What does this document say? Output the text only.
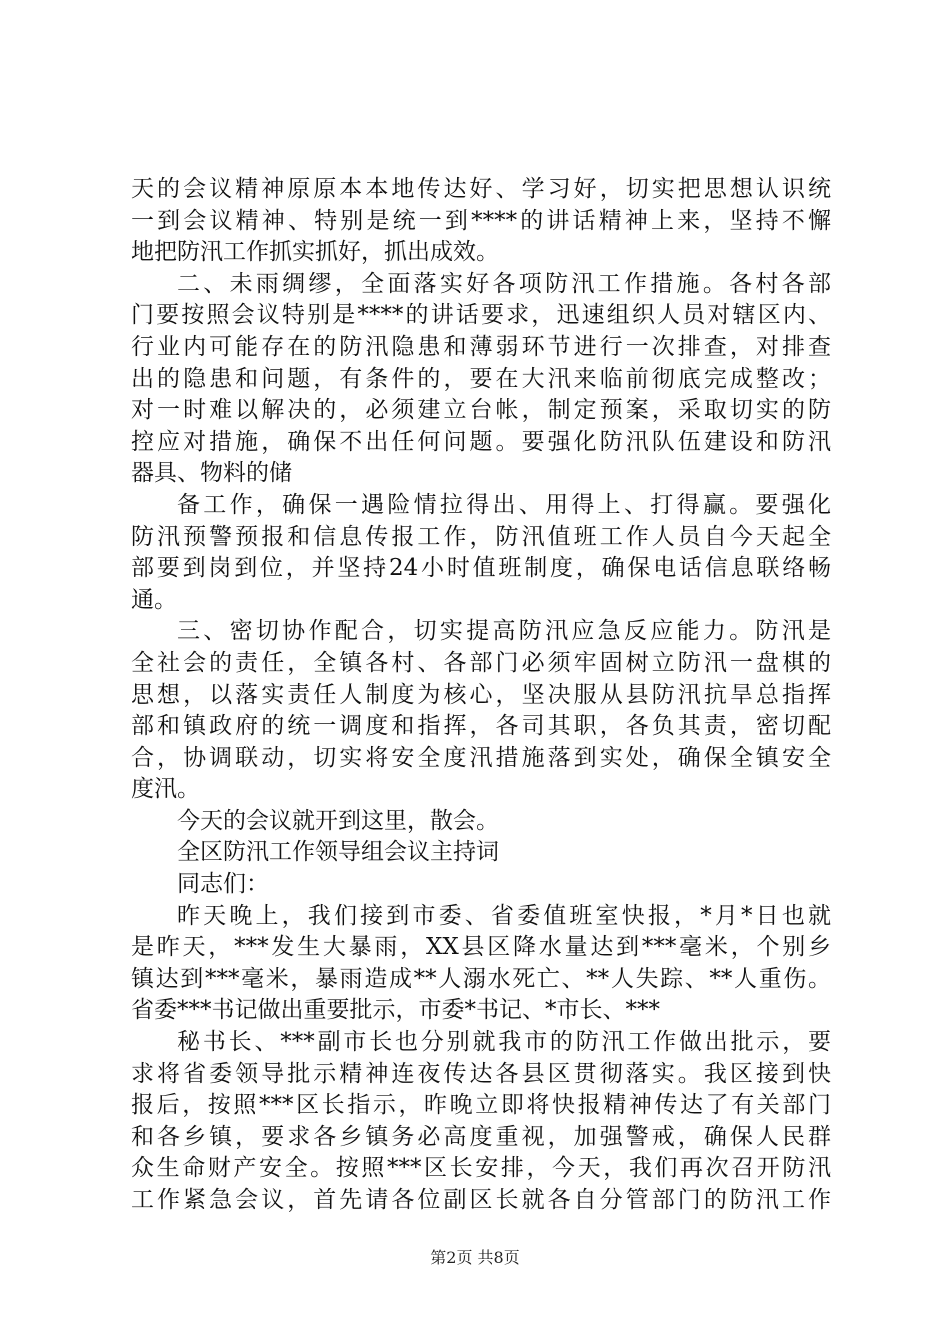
天的会议精神原原本本地传达好、学习好，切实把思想认识统
一到会议精神、特别是统一到****的讲话精神上来，坚持不懈
地把防汛工作抓实抓好，抓出成效。
二、未雨绸缪，全面落实好各项防汛工作措施。各村各部
门要按照会议特别是****的讲话要求，迅速组织人员对辖区内、
行业内可能存在的防汛隐患和薄弱环节进行一次排查，对排查
出的隐患和问题，有条件的，要在大汛来临前彻底完成整改；
对一时难以解决的，必须建立台帐，制定预案，采取切实的防
控应对措施，确保不出任何问题。要强化防汛队伍建设和防汛
器具、物料的储
备工作，确保一遇险情拉得出、用得上、打得赢。要强化
防汛预警预报和信息传报工作，防汛值班工作人员自今天起全
部要到岗到位，并坚持24小时值班制度，确保电话信息联络畅
通。
三、密切协作配合，切实提高防汛应急反应能力。防汛是
全社会的责任，全镇各村、各部门必须牢固树立防汛一盘棋的
思想，以落实责任人制度为核心，坚决服从县防汛抗旱总指挥
部和镇政府的统一调度和指挥，各司其职，各负其责，密切配
合，协调联动，切实将安全度汛措施落到实处，确保全镇安全
度汛。
今天的会议就开到这里，散会。
全区防汛工作领导组会议主持词
同志们：
昨天晚上，我们接到市委、省委值班室快报，*月*日也就
是昨天，***发生大暴雨，XX县区降水量达到***毫米，个别乡
镇达到***毫米，暴雨造成**人溺水死亡、**人失踪、**人重伤。
省委***书记做出重要批示，市委*书记、*市长、***
秘书长、***副市长也分别就我市的防汛工作做出批示，要
求将省委领导批示精神连夜传达各县区贯彻落实。我区接到快
报后，按照***区长指示，昨晚立即将快报精神传达了有关部门
和各乡镇，要求各乡镇务必高度重视，加强警戒，确保人民群
众生命财产安全。按照***区长安排，今天，我们再次召开防汛
工作紧急会议，首先请各位副区长就各自分管部门的防汛工作
第2页 共8页
